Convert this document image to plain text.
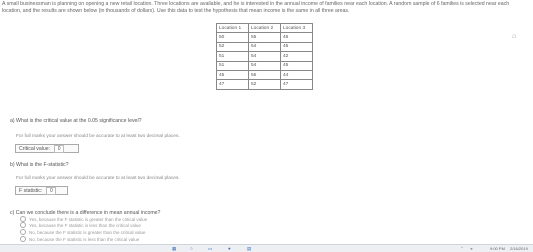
A small businessman is planning on opening a new retail location. Three locations are available, and he is interested in the annual income of families near each location. A random sample of 6 families is selected near each location, and the results are shown below (in thousands of dollars). Use this data to test the hypothesis that mean income is the same in all three areas.
⌂
Location 1	Location 2	Location 3
50	55	46
52	54	45
51	54	42
51	54	45
45	55	44
47	52	47
a) What is the critical value at the 0.05 significance level?
For full marks your answer should be accurate to at least two decimal places.
Critical value:	0
b) What is the F-statistic?
For full marks your answer should be accurate to at least two decimal places.
F statistic:	0
c) Can we conclude there is a difference in mean annual income?
Yes, because the F statistic is greater than the critical value
Yes, because the F statistic is less than the critical value
No, because the F statistic is greater than the critical value
No, because the F statistic is less than the critical value
▦	○	▭	●	▤	⌃ ◂	9:00 PM 2/16/2019
